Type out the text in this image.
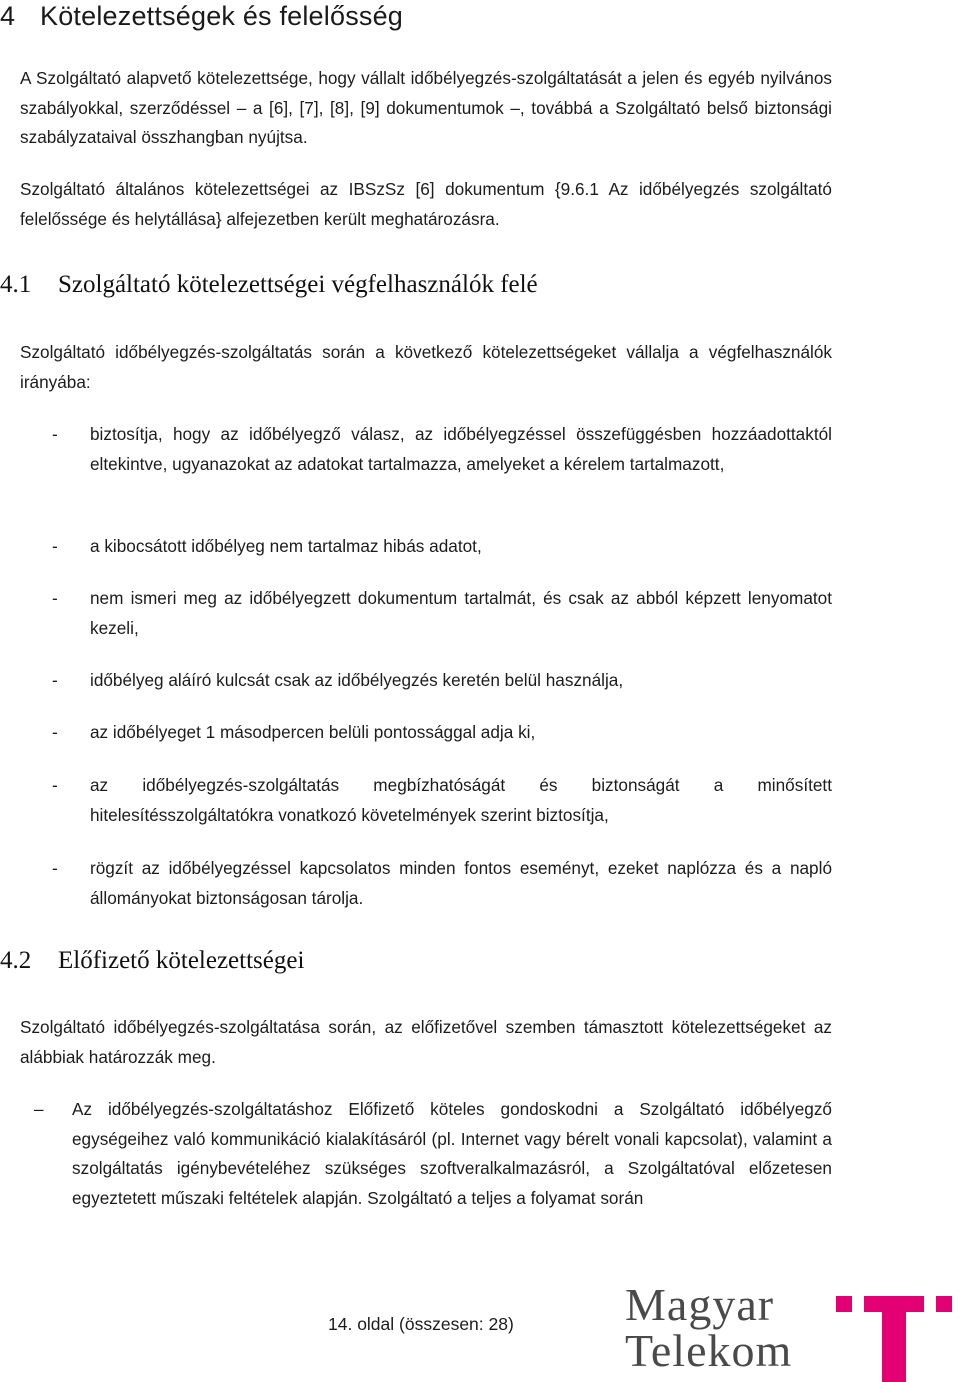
4 Kötelezettségek és felelősség

A Szolgáltató alapvető kötelezettsége, hogy vállalt időbélyegzés-szolgáltatását a jelen és egyéb nyilvános szabályokkal, szerződéssel – a [6], [7], [8], [9] dokumentumok –, továbbá a Szolgáltató belső biztonsági szabályzataival összhangban nyújtsa.

Szolgáltató általános kötelezettségei az IBSzSz [6] dokumentum {9.6.1 Az időbélyegzés szolgáltató felelőssége és helytállása} alfejezetben került meghatározásra.

4.1 Szolgáltató kötelezettségei végfelhasználók felé

Szolgáltató időbélyegzés-szolgáltatás során a következő kötelezettségeket vállalja a végfelhasználók irányába:

- biztosítja, hogy az időbélyegző válasz, az időbélyegzéssel összefüggésben hozzáadottaktól eltekintve, ugyanazokat az adatokat tartalmazza, amelyeket a kérelem tartalmazott,

- a kibocsátott időbélyeg nem tartalmaz hibás adatot,

- nem ismeri meg az időbélyegzett dokumentum tartalmát, és csak az abból képzett lenyomatot kezeli,

- időbélyeg aláíró kulcsát csak az időbélyegzés keretén belül használja,

- az időbélyeget 1 másodpercen belüli pontossággal adja ki,

- az időbélyegzés-szolgáltatás megbízhatóságát és biztonságát a minősített hitelesítésszolgáltatókra vonatkozó követelmények szerint biztosítja,

- rögzít az időbélyegzéssel kapcsolatos minden fontos eseményt, ezeket naplózza és a napló állományokat biztonságosan tárolja.

4.2 Előfizető kötelezettségei

Szolgáltató időbélyegzés-szolgáltatása során, az előfizetővel szemben támasztott kötelezettségeket az alábbiak határozzák meg.

– Az időbélyegzés-szolgáltatáshoz Előfizető köteles gondoskodni a Szolgáltató időbélyegző egységeihez való kommunikáció kialakításáról (pl. Internet vagy bérelt vonali kapcsolat), valamint a szolgáltatás igénybevételéhez szükséges szoftveralkalmazásról, a Szolgáltatóval előzetesen egyeztetett műszaki feltételek alapján. Szolgáltató a teljes a folyamat során

14. oldal (összesen: 28) Magyar
Telekom
